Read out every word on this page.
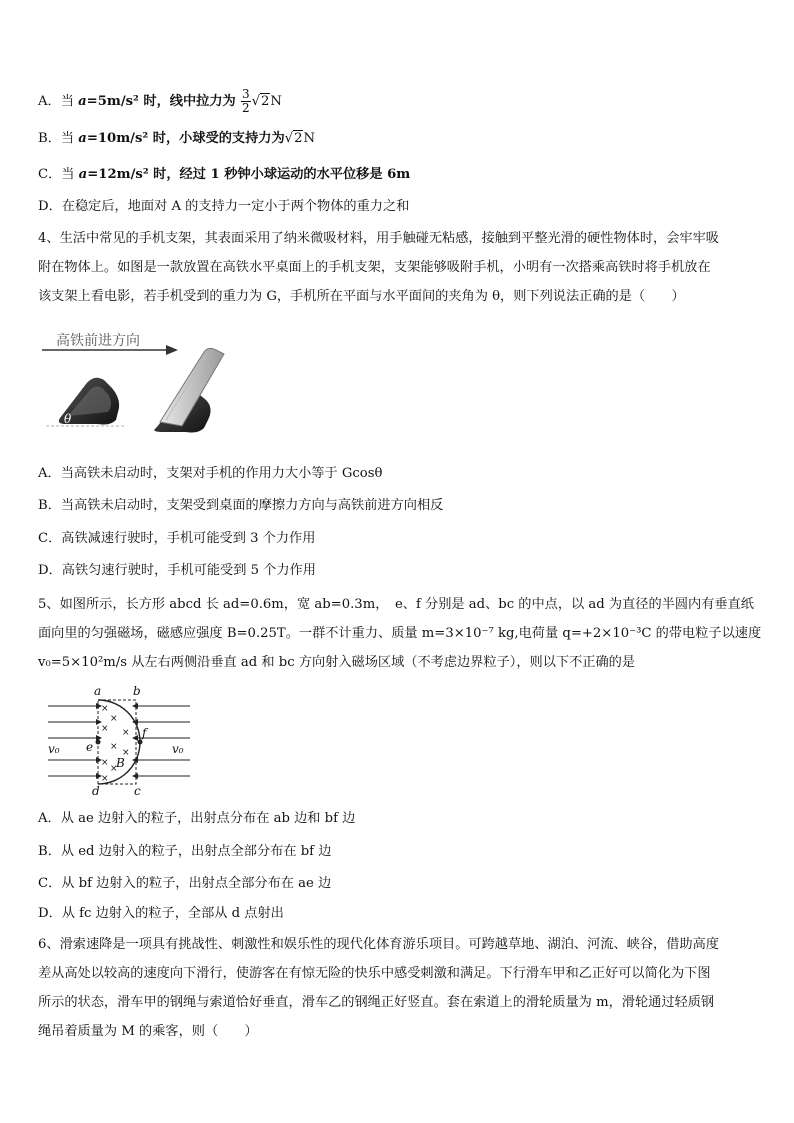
A．当 a=5m/s² 时，线中拉力为 $\frac{3}{2} √2N$
B．当 a=10m/s² 时，小球受的支持力为√2N
C．当 a=12m/s² 时，经过 1 秒钟小球运动的水平位移是 6m
D．在稳定后，地面对 A 的支持力一定小于两个物体的重力之和
4、生活中常见的手机支架，其表面采用了纳米微吸材料，用手触碰无粘感，接触到平整光滑的硬性物体时，会牢牢吸
附在物体上。如图是一款放置在高铁水平桌面上的手机支架，支架能够吸附手机，小明有一次搭乘高铁时将手机放在
该支架上看电影，若手机受到的重力为 G，手机所在平面与水平面间的夹角为 θ，则下列说法正确的是（　　）
高铁前进方向
θ
A．当高铁未启动时，支架对手机的作用力大小等于 Gcosθ
B．当高铁未启动时，支架受到桌面的摩擦力方向与高铁前进方向相反
C．高铁减速行驶时，手机可能受到 3 个力作用
D．高铁匀速行驶时，手机可能受到 5 个力作用
5、如图所示，长方形 abcd 长 ad=0.6m，宽 ab=0.3m，　e、f 分别是 ad、bc 的中点，以 ad 为直径的半圆内有垂直纸
面向里的匀强磁场，磁感应强度 B=0.25T。一群不计重力、质量 m=3×10⁻⁷ kg,电荷量 q=+2×10⁻³C 的带电粒子以速度
v₀=5×10²m/s 从左右两侧沿垂直 ad 和 bc 方向射入磁场区域（不考虑边界粒子），则以下不正确的是
a	b
d	c
e
f
B
v₀	v₀
×
×
×
×
×
×
×
×
×
A．从 ae 边射入的粒子，出射点分布在 ab 边和 bf 边
B．从 ed 边射入的粒子，出射点全部分布在 bf 边
C．从 bf 边射入的粒子，出射点全部分布在 ae 边
D．从 fc 边射入的粒子，全部从 d 点射出
6、滑索速降是一项具有挑战性、刺激性和娱乐性的现代化体育游乐项目。可跨越草地、湖泊、河流、峡谷，借助高度
差从高处以较高的速度向下滑行，使游客在有惊无险的快乐中感受刺激和满足。下行滑车甲和乙正好可以简化为下图
所示的状态，滑车甲的钢绳与索道恰好垂直，滑车乙的钢绳正好竖直。套在索道上的滑轮质量为 m，滑轮通过轻质钢
绳吊着质量为 M 的乘客，则（　　）
